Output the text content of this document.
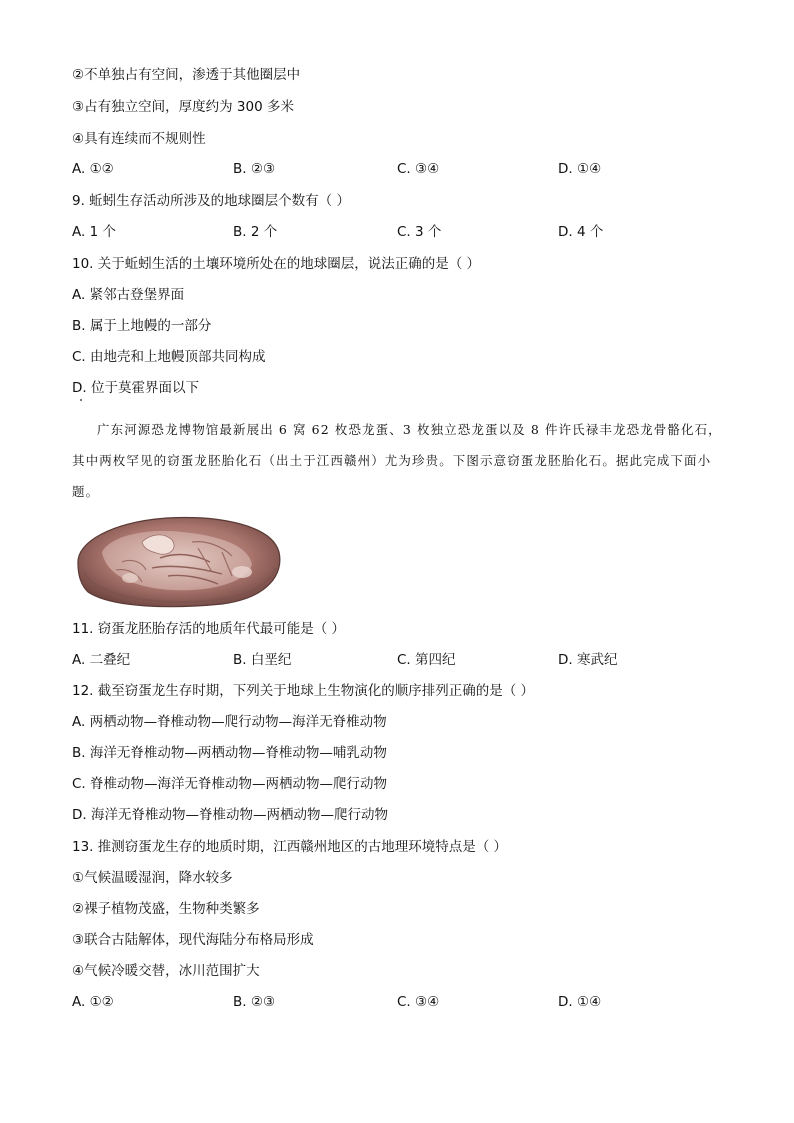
②不单独占有空间，渗透于其他圈层中
③占有独立空间，厚度约为 300 多米
④具有连续而不规则性
A. ①②	B. ②③	C. ③④	D. ①④
9. 蚯蚓生存活动所涉及的地球圈层个数有（ ）
A. 1 个	B. 2 个	C. 3 个	D. 4 个
10. 关于蚯蚓生活的土壤环境所处在的地球圈层，说法正确的是（ ）
A. 紧邻古登堡界面
B. 属于上地幔的一部分
C. 由地壳和上地幔顶部共同构成
D. 位于莫霍界面以下
广东河源恐龙博物馆最新展出 6 窝 62 枚恐龙蛋、3 枚独立恐龙蛋以及 8 件许氏禄丰龙恐龙骨骼化石，其中两枚罕见的窃蛋龙胚胎化石（出土于江西赣州）尤为珍贵。下图示意窃蛋龙胚胎化石。据此完成下面小题。
11. 窃蛋龙胚胎存活的地质年代最可能是（ ）
A. 二叠纪	B. 白垩纪	C. 第四纪	D. 寒武纪
12. 截至窃蛋龙生存时期，下列关于地球上生物演化的顺序排列正确的是（ ）
A. 两栖动物—脊椎动物—爬行动物—海洋无脊椎动物
B. 海洋无脊椎动物—两栖动物—脊椎动物—哺乳动物
C. 脊椎动物—海洋无脊椎动物—两栖动物—爬行动物
D. 海洋无脊椎动物—脊椎动物—两栖动物—爬行动物
13. 推测窃蛋龙生存的地质时期，江西赣州地区的古地理环境特点是（ ）
①气候温暖湿润，降水较多
②裸子植物茂盛，生物种类繁多
③联合古陆解体，现代海陆分布格局形成
④气候冷暖交替，冰川范围扩大
A. ①②	B. ②③	C. ③④	D. ①④
